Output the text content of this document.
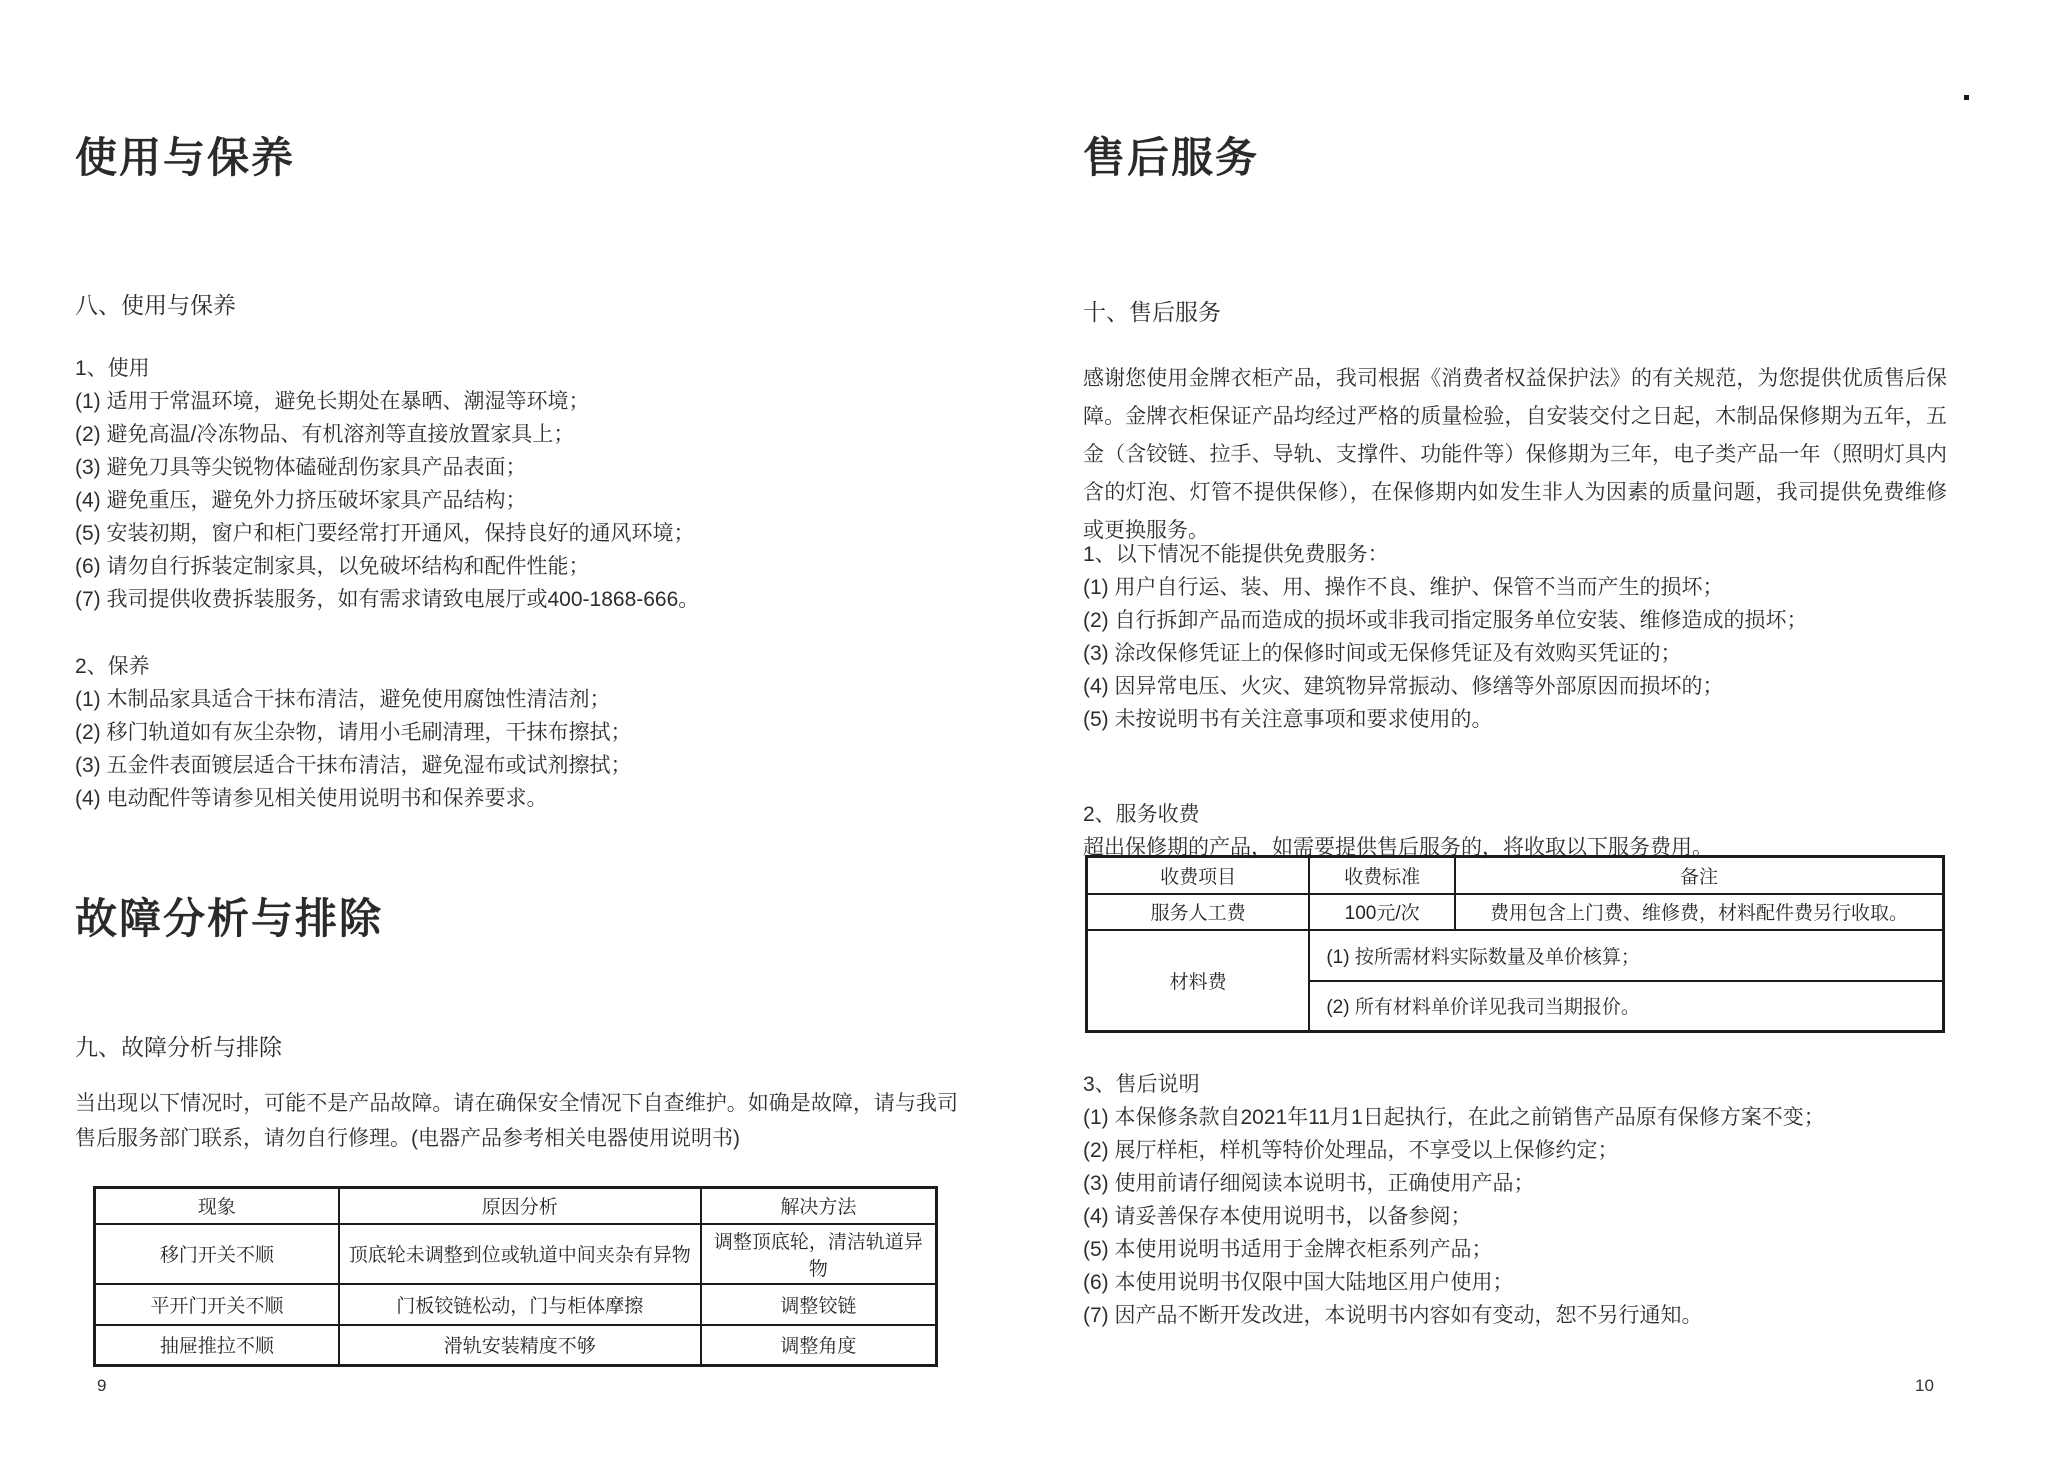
使用与保养
八、使用与保养
1、使用
(1) 适用于常温环境，避免长期处在暴晒、潮湿等环境；
(2) 避免高温/冷冻物品、有机溶剂等直接放置家具上；
(3) 避免刀具等尖锐物体磕碰刮伤家具产品表面；
(4) 避免重压，避免外力挤压破坏家具产品结构；
(5) 安装初期，窗户和柜门要经常打开通风，保持良好的通风环境；
(6) 请勿自行拆装定制家具，以免破坏结构和配件性能；
(7) 我司提供收费拆装服务，如有需求请致电展厅或400-1868-666。
2、保养
(1) 木制品家具适合干抹布清洁，避免使用腐蚀性清洁剂；
(2) 移门轨道如有灰尘杂物，请用小毛刷清理，干抹布擦拭；
(3) 五金件表面镀层适合干抹布清洁，避免湿布或试剂擦拭；
(4) 电动配件等请参见相关使用说明书和保养要求。
故障分析与排除
九、故障分析与排除

当出现以下情况时，可能不是产品故障。请在确保安全情况下自查维护。如确是故障，请与我司售后服务部门联系，请勿自行修理。(电器产品参考相关电器使用说明书)

现象	原因分析	解决方法
移门开关不顺	顶底轮未调整到位或轨道中间夹杂有异物	调整顶底轮，清洁轨道异物
平开门开关不顺	门板铰链松动，门与柜体摩擦	调整铰链
抽屉推拉不顺	滑轨安装精度不够	调整角度
9
售后服务
十、售后服务

感谢您使用金牌衣柜产品，我司根据《消费者权益保护法》的有关规范，为您提供优质售后保障。金牌衣柜保证产品均经过严格的质量检验，自安装交付之日起，木制品保修期为五年，五金（含铰链、拉手、导轨、支撑件、功能件等）保修期为三年，电子类产品一年（照明灯具内含的灯泡、灯管不提供保修），在保修期内如发生非人为因素的质量问题，我司提供免费维修或更换服务。

1、以下情况不能提供免费服务：
(1) 用户自行运、装、用、操作不良、维护、保管不当而产生的损坏；
(2) 自行拆卸产品而造成的损坏或非我司指定服务单位安装、维修造成的损坏；
(3) 涂改保修凭证上的保修时间或无保修凭证及有效购买凭证的；
(4) 因异常电压、火灾、建筑物异常振动、修缮等外部原因而损坏的；
(5) 未按说明书有关注意事项和要求使用的。
2、服务收费
超出保修期的产品，如需要提供售后服务的，将收取以下服务费用。
收费项目	收费标准	备注
服务人工费	100元/次	费用包含上门费、维修费，材料配件费另行收取。
材料费	(1) 按所需材料实际数量及单价核算；	
	(2) 所有材料单价详见我司当期报价。	
3、售后说明
(1) 本保修条款自2021年11月1日起执行，在此之前销售产品原有保修方案不变；
(2) 展厅样柜，样机等特价处理品，不享受以上保修约定；
(3) 使用前请仔细阅读本说明书，正确使用产品；
(4) 请妥善保存本使用说明书，以备参阅；
(5) 本使用说明书适用于金牌衣柜系列产品；
(6) 本使用说明书仅限中国大陆地区用户使用；
(7) 因产品不断开发改进，本说明书内容如有变动，恕不另行通知。
10
